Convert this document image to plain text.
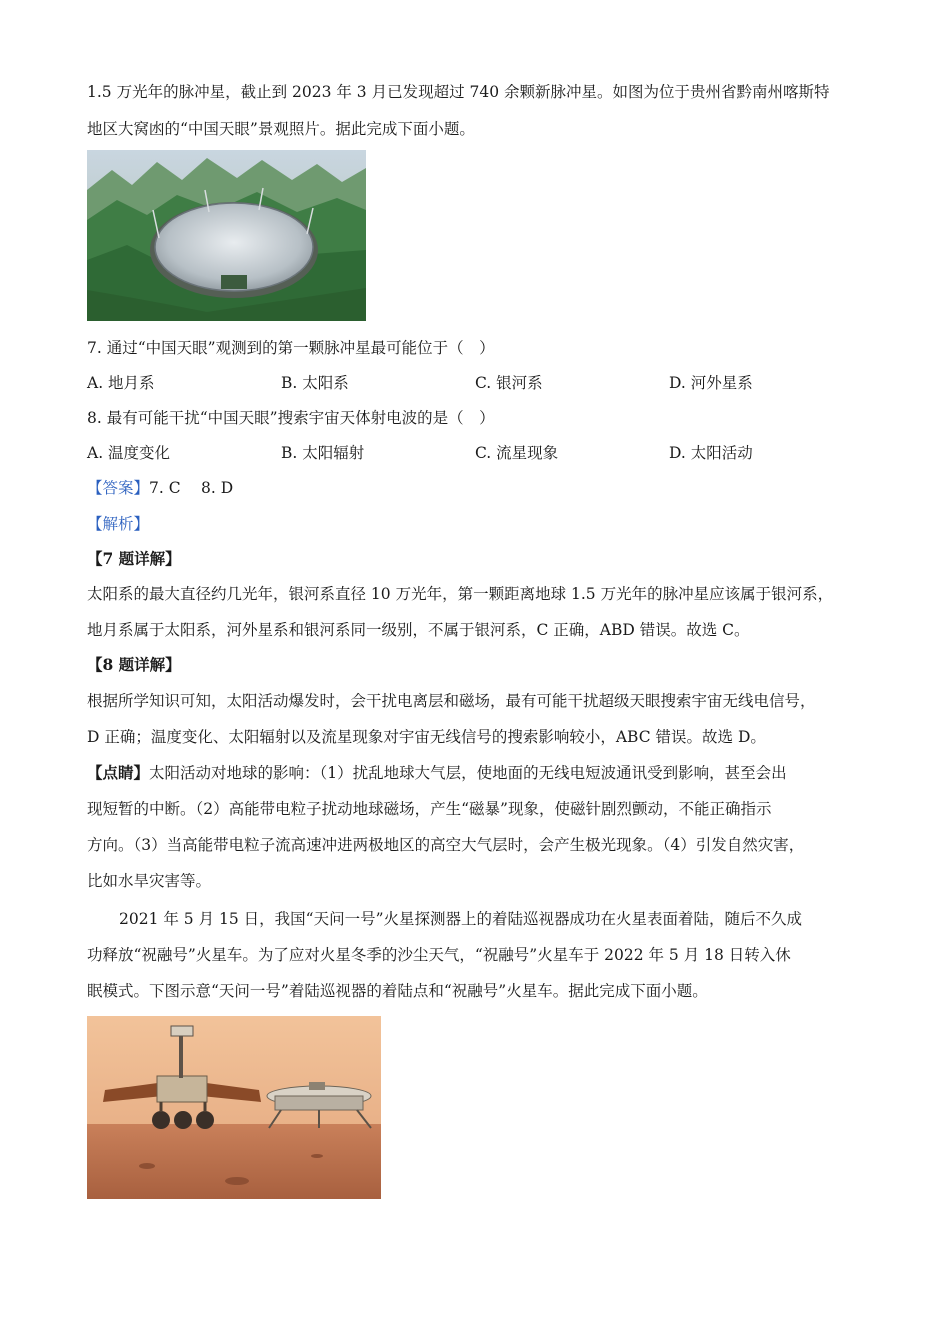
1.5 万光年的脉冲星，截止到 2023 年 3 月已发现超过 740 余颗新脉冲星。如图为位于贵州省黔南州喀斯特
地区大窝凼的“中国天眼”景观照片。据此完成下面小题。
7. 通过“中国天眼”观测到的第一颗脉冲星最可能位于（　）
A. 地月系	B. 太阳系	C. 银河系	D. 河外星系
8. 最有可能干扰“中国天眼”搜索宇宙天体射电波的是（　）
A. 温度变化	B. 太阳辐射	C. 流星现象	D. 太阳活动
【答案】7. C　 8. D
【解析】
【7 题详解】
太阳系的最大直径约几光年，银河系直径 10 万光年，第一颗距离地球 1.5 万光年的脉冲星应该属于银河系，
地月系属于太阳系，河外星系和银河系同一级别，不属于银河系，C 正确，ABD 错误。故选 C。
【8 题详解】
根据所学知识可知，太阳活动爆发时，会干扰电离层和磁场，最有可能干扰超级天眼搜索宇宙无线电信号，
D 正确；温度变化、太阳辐射以及流星现象对宇宙无线信号的搜索影响较小，ABC 错误。故选 D。
【点睛】太阳活动对地球的影响：（1）扰乱地球大气层，使地面的无线电短波通讯受到影响，甚至会出
现短暂的中断。（2）高能带电粒子扰动地球磁场，产生“磁暴”现象，使磁针剧烈颤动，不能正确指示
方向。（3）当高能带电粒子流高速冲进两极地区的高空大气层时，会产生极光现象。（4）引发自然灾害，
比如水旱灾害等。
2021 年 5 月 15 日，我国“天问一号”火星探测器上的着陆巡视器成功在火星表面着陆，随后不久成
功释放“祝融号”火星车。为了应对火星冬季的沙尘天气，“祝融号”火星车于 2022 年 5 月 18 日转入休
眠模式。下图示意“天问一号”着陆巡视器的着陆点和“祝融号”火星车。据此完成下面小题。
